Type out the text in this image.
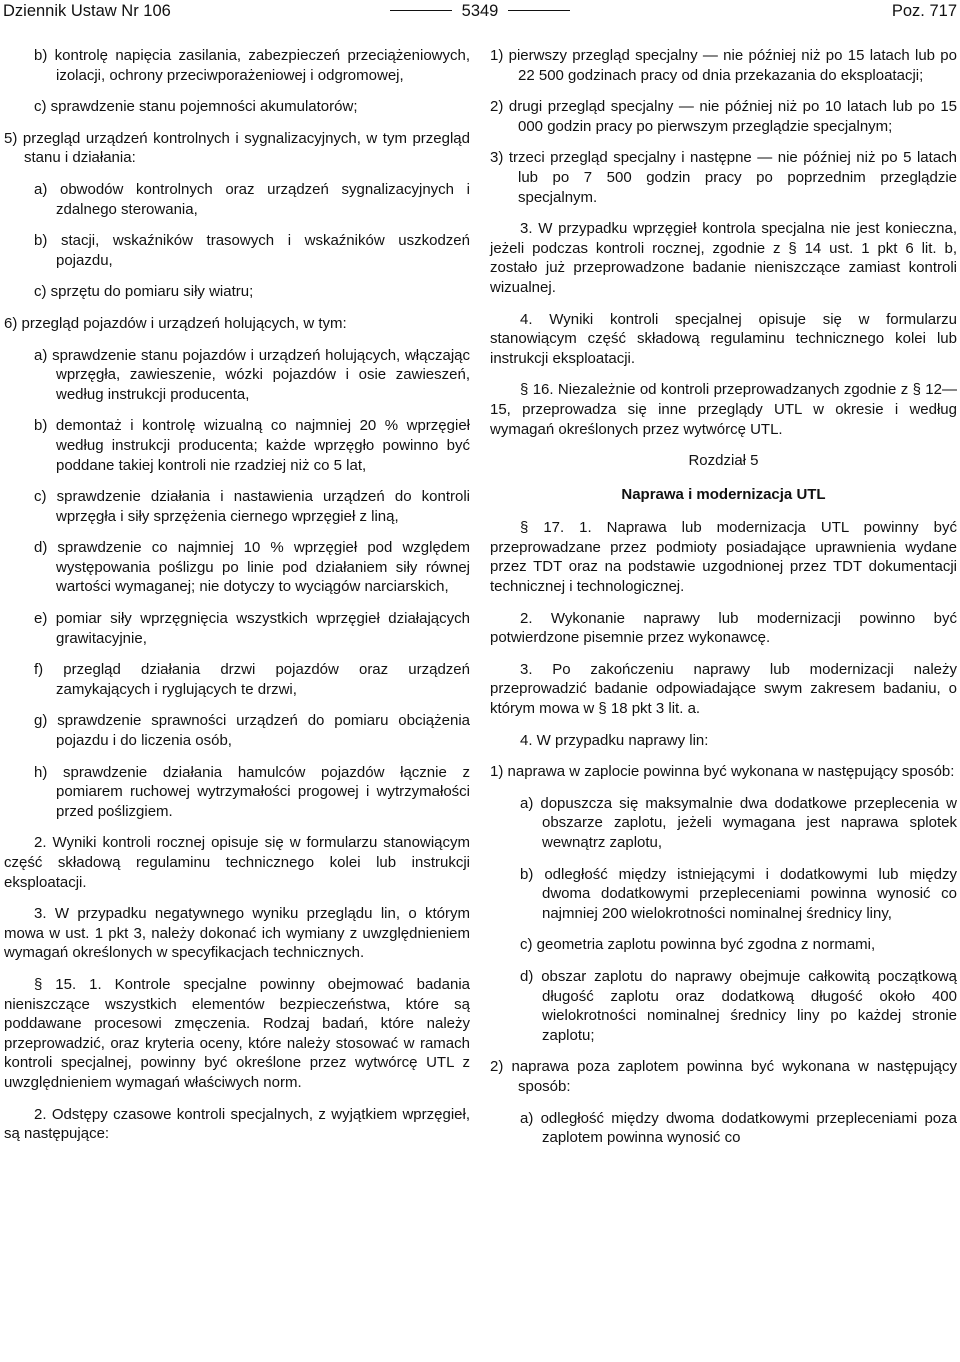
Dziennik Ustaw Nr 106	5349	Poz. 717

b) kontrolę napięcia zasilania, zabezpieczeń przeciążeniowych, izolacji, ochrony przeciwporażeniowej i odgromowej,

c) sprawdzenie stanu pojemności akumulatorów;

5) przegląd urządzeń kontrolnych i sygnalizacyjnych, w tym przegląd stanu i działania:

a) obwodów kontrolnych oraz urządzeń sygnalizacyjnych i zdalnego sterowania,

b) stacji, wskaźników trasowych i wskaźników uszkodzeń pojazdu,

c) sprzętu do pomiaru siły wiatru;

6) przegląd pojazdów i urządzeń holujących, w tym:

a) sprawdzenie stanu pojazdów i urządzeń holujących, włączając wprzęgła, zawieszenie, wózki pojazdów i osie zawieszeń, według instrukcji producenta,

b) demontaż i kontrolę wizualną co najmniej 20 % wprzęgieł według instrukcji producenta; każde wprzęgło powinno być poddane takiej kontroli nie rzadziej niż co 5 lat,

c) sprawdzenie działania i nastawienia urządzeń do kontroli wprzęgła i siły sprzężenia ciernego wprzęgieł z liną,

d) sprawdzenie co najmniej 10 % wprzęgieł pod względem występowania poślizgu po linie pod działaniem siły równej wartości wymaganej; nie dotyczy to wyciągów narciarskich,

e) pomiar siły wprzęgnięcia wszystkich wprzęgieł działających grawitacyjnie,

f) przegląd działania drzwi pojazdów oraz urządzeń zamykających i ryglujących te drzwi,

g) sprawdzenie sprawności urządzeń do pomiaru obciążenia pojazdu i do liczenia osób,

h) sprawdzenie działania hamulców pojazdów łącznie z pomiarem ruchowej wytrzymałości progowej i wytrzymałości przed poślizgiem.

2. Wyniki kontroli rocznej opisuje się w formularzu stanowiącym część składową regulaminu technicznego kolei lub instrukcji eksploatacji.

3. W przypadku negatywnego wyniku przeglądu lin, o którym mowa w ust. 1 pkt 3, należy dokonać ich wymiany z uwzględnieniem wymagań określonych w specyfikacjach technicznych.

§ 15. 1. Kontrole specjalne powinny obejmować badania nieniszczące wszystkich elementów bezpieczeństwa, które są poddawane procesowi zmęczenia. Rodzaj badań, które należy przeprowadzić, oraz kryteria oceny, które należy stosować w ramach kontroli specjalnej, powinny być określone przez wytwórcę UTL z uwzględnieniem wymagań właściwych norm.

2. Odstępy czasowe kontroli specjalnych, z wyjątkiem wprzęgieł, są następujące:

1) pierwszy przegląd specjalny — nie później niż po 15 latach lub po 22 500 godzinach pracy od dnia przekazania do eksploatacji;

2) drugi przegląd specjalny — nie później niż po 10 latach lub po 15 000 godzin pracy po pierwszym przeglądzie specjalnym;

3) trzeci przegląd specjalny i następne — nie później niż po 5 latach lub po 7 500 godzin pracy po poprzednim przeglądzie specjalnym.

3. W przypadku wprzęgieł kontrola specjalna nie jest konieczna, jeżeli podczas kontroli rocznej, zgodnie z § 14 ust. 1 pkt 6 lit. b, zostało już przeprowadzone badanie nieniszczące zamiast kontroli wizualnej.

4. Wyniki kontroli specjalnej opisuje się w formularzu stanowiącym część składową regulaminu technicznego kolei lub instrukcji eksploatacji.

§ 16. Niezależnie od kontroli przeprowadzanych zgodnie z § 12—15, przeprowadza się inne przeglądy UTL w okresie i według wymagań określonych przez wytwórcę UTL.

Rozdział 5

Naprawa i modernizacja UTL

§ 17. 1. Naprawa lub modernizacja UTL powinny być przeprowadzane przez podmioty posiadające uprawnienia wydane przez TDT oraz na podstawie uzgodnionej przez TDT dokumentacji technicznej i technologicznej.

2. Wykonanie naprawy lub modernizacji powinno być potwierdzone pisemnie przez wykonawcę.

3. Po zakończeniu naprawy lub modernizacji należy przeprowadzić badanie odpowiadające swym zakresem badaniu, o którym mowa w § 18 pkt 3 lit. a.

4. W przypadku naprawy lin:

1) naprawa w zaplocie powinna być wykonana w następujący sposób:

a) dopuszcza się maksymalnie dwa dodatkowe przeplecenia w obszarze zaplotu, jeżeli wymagana jest naprawa splotek wewnątrz zaplotu,

b) odległość między istniejącymi i dodatkowymi lub między dwoma dodatkowymi przepleceniami powinna wynosić co najmniej 200 wielokrotności nominalnej średnicy liny,

c) geometria zaplotu powinna być zgodna z normami,

d) obszar zaplotu do naprawy obejmuje całkowitą początkową długość zaplotu oraz dodatkową długość około 400 wielokrotności nominalnej średnicy liny po każdej stronie zaplotu;

2) naprawa poza zaplotem powinna być wykonana w następujący sposób:

a) odległość między dwoma dodatkowymi przepleceniami poza zaplotem powinna wynosić co
